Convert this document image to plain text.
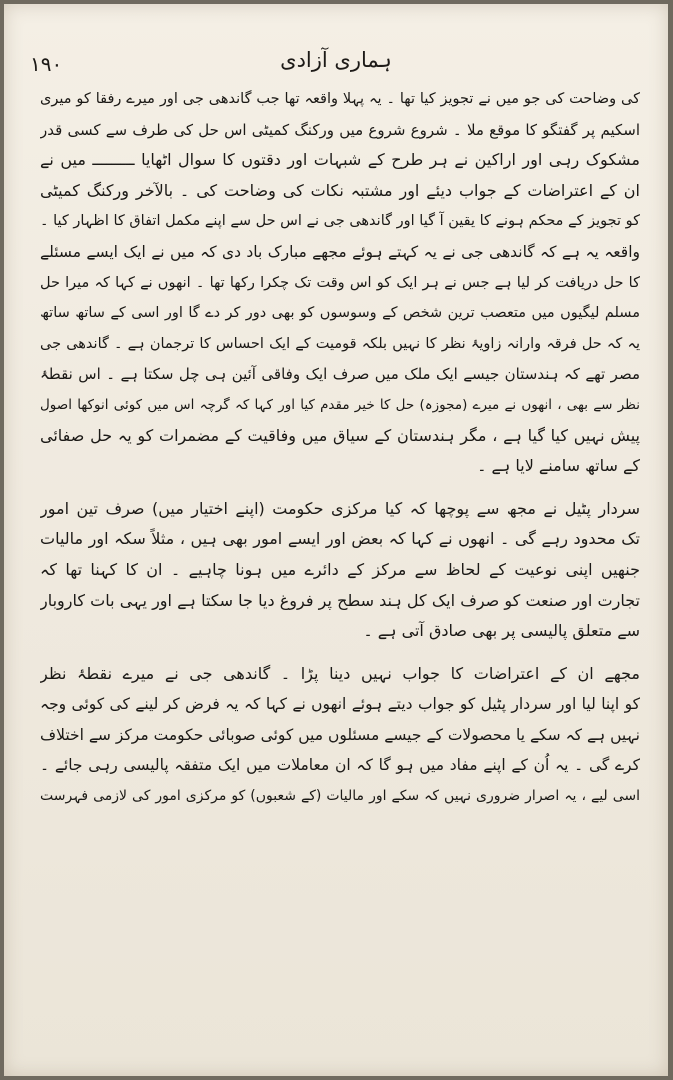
۱۹۰	ہماری آزادی
کی وضاحت کی جو میں نے تجویز کیا تھا ۔ یہ پہلا واقعہ تھا جب گاندھی جی اور میرے رفقا کو میری
اسکیم پر گفتگو کا موقع ملا ۔ شروع شروع میں ورکنگ کمیٹی اس حل کی طرف سے کسی قدر
مشکوک رہی اور اراکین نے ہر طرح کے شبہات اور دقتوں کا سوال اٹھایا ـــــــــ میں نے
ان کے اعتراضات کے جواب دیئے اور مشتبہ نکات کی وضاحت کی ۔ بالآخر ورکنگ کمیٹی
کو تجویز کے محکم ہونے کا یقین آ گیا اور گاندھی جی نے اس حل سے اپنے مکمل اتفاق کا اظہار کیا ۔
واقعہ یہ ہے کہ گاندھی جی نے یہ کہتے ہوئے مجھے مبارک باد دی کہ میں نے ایک ایسے مسئلے
کا حل دریافت کر لیا ہے جس نے ہر ایک کو اس وقت تک چکرا رکھا تھا ۔ انھوں نے کہا کہ میرا حل
مسلم لیگیوں میں متعصب ترین شخص کے وسوسوں کو بھی دور کر دے گا اور اسی کے ساتھ ساتھ
یہ کہ حل فرقہ وارانہ زاویۂ نظر کا نہیں بلکہ قومیت کے ایک احساس کا ترجمان ہے ۔ گاندھی جی
مصر تھے کہ ہندستان جیسے ایک ملک میں صرف ایک وفاقی آئین ہی چل سکتا ہے ۔ اس نقطۂ
نظر سے بھی ، انھوں نے میرے (مجوزہ) حل کا خیر مقدم کیا اور کہا کہ گرچہ اس میں کوئی انوکھا اصول
پیش نہیں کیا گیا ہے ، مگر ہندستان کے سیاق میں وفاقیت کے مضمرات کو یہ حل صفائی
کے ساتھ سامنے لایا ہے ۔
سردار پٹیل نے مجھ سے پوچھا کہ کیا مرکزی حکومت (اپنے اختیار میں) صرف تین امور
تک محدود رہے گی ۔ انھوں نے کہا کہ بعض اور ایسے امور بھی ہیں ، مثلاً سکہ اور مالیات
جنھیں اپنی نوعیت کے لحاظ سے مرکز کے دائرے میں ہونا چاہیے ۔ ان کا کہنا تھا کہ
تجارت اور صنعت کو صرف ایک کل ہند سطح پر فروغ دیا جا سکتا ہے اور یہی بات کاروبار
سے متعلق پالیسی پر بھی صادق آتی ہے ۔
مجھے ان کے اعتراضات کا جواب نہیں دینا پڑا ۔ گاندھی جی نے میرے نقطۂ نظر
کو اپنا لیا اور سردار پٹیل کو جواب دیتے ہوئے انھوں نے کہا کہ یہ فرض کر لینے کی کوئی وجہ
نہیں ہے کہ سکے یا محصولات کے جیسے مسئلوں میں کوئی صوبائی حکومت مرکز سے اختلاف
کرے گی ۔ یہ اُن کے اپنے مفاد میں ہو گا کہ ان معاملات میں ایک متفقہ پالیسی رہی جائے ۔
اسی لیے ، یہ اصرار ضروری نہیں کہ سکے اور مالیات (کے شعبوں) کو مرکزی امور کی لازمی فہرست
